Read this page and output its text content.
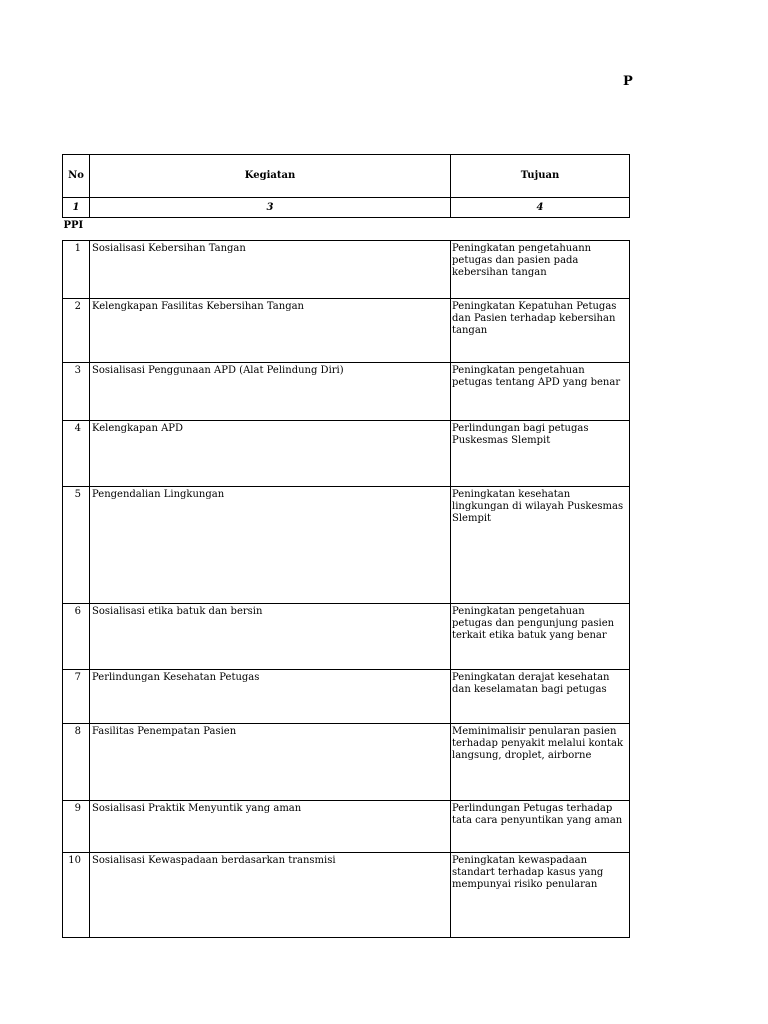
P
No	Kegiatan	Tujuan
1	3	4
PPI		
1	Sosialisasi Kebersihan Tangan	Peningkatan pengetahuann petugas dan pasien pada kebersihan tangan
2	Kelengkapan Fasilitas Kebersihan Tangan	Peningkatan Kepatuhan Petugas dan Pasien terhadap kebersihan tangan
3	Sosialisasi Penggunaan APD (Alat Pelindung Diri)	Peningkatan pengetahuan petugas tentang APD yang benar
4	Kelengkapan APD	Perlindungan bagi petugas Puskesmas Slempit
5	Pengendalian Lingkungan	Peningkatan kesehatan lingkungan di wilayah Puskesmas Slempit
6	Sosialisasi etika batuk dan bersin	Peningkatan pengetahuan petugas dan pengunjung pasien terkait etika batuk yang benar
7	Perlindungan Kesehatan Petugas	Peningkatan derajat kesehatan dan keselamatan bagi petugas
8	Fasilitas Penempatan Pasien	Meminimalisir penularan pasien terhadap penyakit melalui kontak langsung, droplet, airborne
9	Sosialisasi Praktik Menyuntik yang aman	Perlindungan Petugas terhadap tata cara penyuntikan yang aman
10	Sosialisasi Kewaspadaan berdasarkan transmisi	Peningkatan kewaspadaan standart terhadap kasus yang mempunyai risiko penularan
